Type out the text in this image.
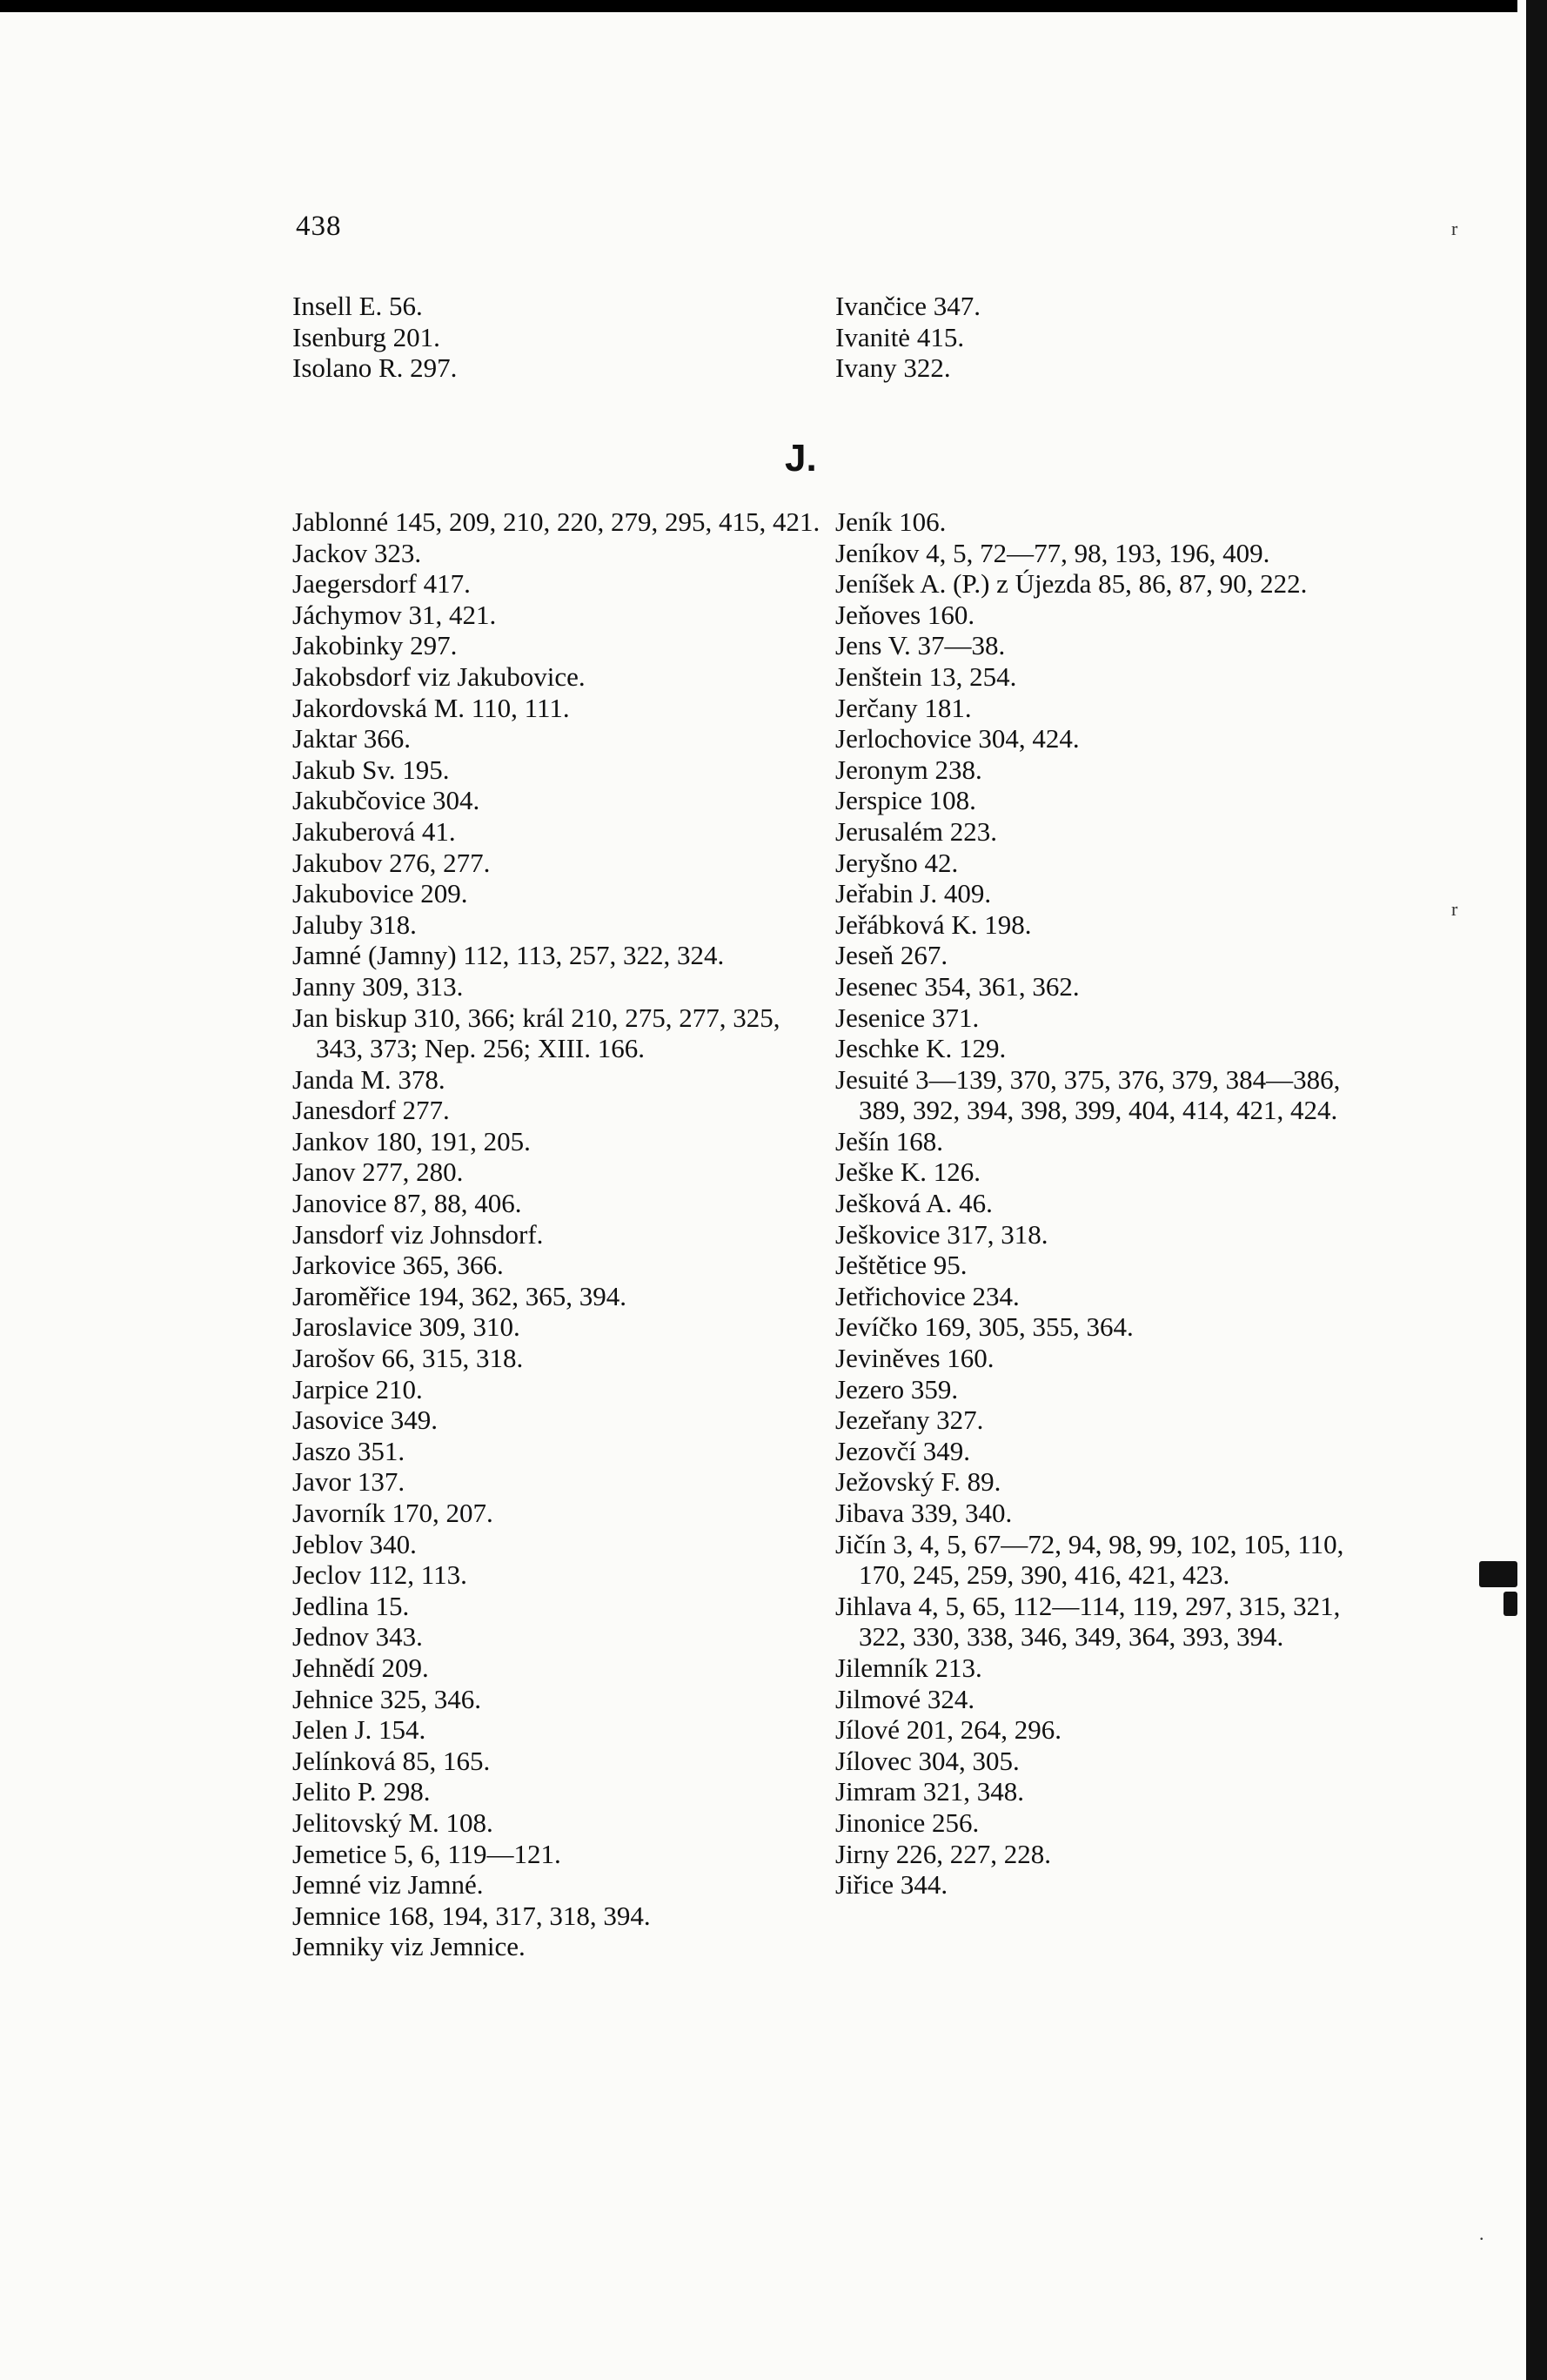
438
Insell E. 56.
Isenburg 201.
Isolano R. 297.
Ivančice 347.
Ivanitė 415.
Ivany 322.
J.
Jablonné 145, 209, 210, 220, 279, 295, 415, 421.
Jackov 323.
Jaegersdorf 417.
Jáchymov 31, 421.
Jakobinky 297.
Jakobsdorf viz Jakubovice.
Jakordovská M. 110, 111.
Jaktar 366.
Jakub Sv. 195.
Jakubčovice 304.
Jakuberová 41.
Jakubov 276, 277.
Jakubovice 209.
Jaluby 318.
Jamné (Jamny) 112, 113, 257, 322, 324.
Janny 309, 313.
Jan biskup 310, 366; král 210, 275, 277, 325, 343, 373; Nep. 256; XIII. 166.
Janda M. 378.
Janesdorf 277.
Jankov 180, 191, 205.
Janov 277, 280.
Janovice 87, 88, 406.
Jansdorf viz Johnsdorf.
Jarkovice 365, 366.
Jaroměřice 194, 362, 365, 394.
Jaroslavice 309, 310.
Jarošov 66, 315, 318.
Jarpice 210.
Jasovice 349.
Jaszo 351.
Javor 137.
Javorník 170, 207.
Jeblov 340.
Jeclov 112, 113.
Jedlina 15.
Jednov 343.
Jehnědí 209.
Jehnice 325, 346.
Jelen J. 154.
Jelínková 85, 165.
Jelito P. 298.
Jelitovský M. 108.
Jemetice 5, 6, 119—121.
Jemné viz Jamné.
Jemnice 168, 194, 317, 318, 394.
Jemniky viz Jemnice.
Jeník 106.
Jeníkov 4, 5, 72—77, 98, 193, 196, 409.
Jeníšek A. (P.) z Újezda 85, 86, 87, 90, 222.
Jeňoves 160.
Jens V. 37—38.
Jenštein 13, 254.
Jerčany 181.
Jerlochovice 304, 424.
Jeronym 238.
Jerspice 108.
Jerusalém 223.
Jeryšno 42.
Jeřabin J. 409.
Jeřábková K. 198.
Jeseň 267.
Jesenec 354, 361, 362.
Jesenice 371.
Jeschke K. 129.
Jesuité 3—139, 370, 375, 376, 379, 384—386, 389, 392, 394, 398, 399, 404, 414, 421, 424.
Ješín 168.
Ješke K. 126.
Ješková A. 46.
Ješkovice 317, 318.
Ještětice 95.
Jetřichovice 234.
Jevíčko 169, 305, 355, 364.
Jeviněves 160.
Jezero 359.
Jezeřany 327.
Jezovčí 349.
Ježovský F. 89.
Jibava 339, 340.
Jičín 3, 4, 5, 67—72, 94, 98, 99, 102, 105, 110, 170, 245, 259, 390, 416, 421, 423.
Jihlava 4, 5, 65, 112—114, 119, 297, 315, 321, 322, 330, 338, 346, 349, 364, 393, 394.
Jilemník 213.
Jilmové 324.
Jílové 201, 264, 296.
Jílovec 304, 305.
Jimram 321, 348.
Jinonice 256.
Jirny 226, 227, 228.
Jiřice 344.
r
r
.
